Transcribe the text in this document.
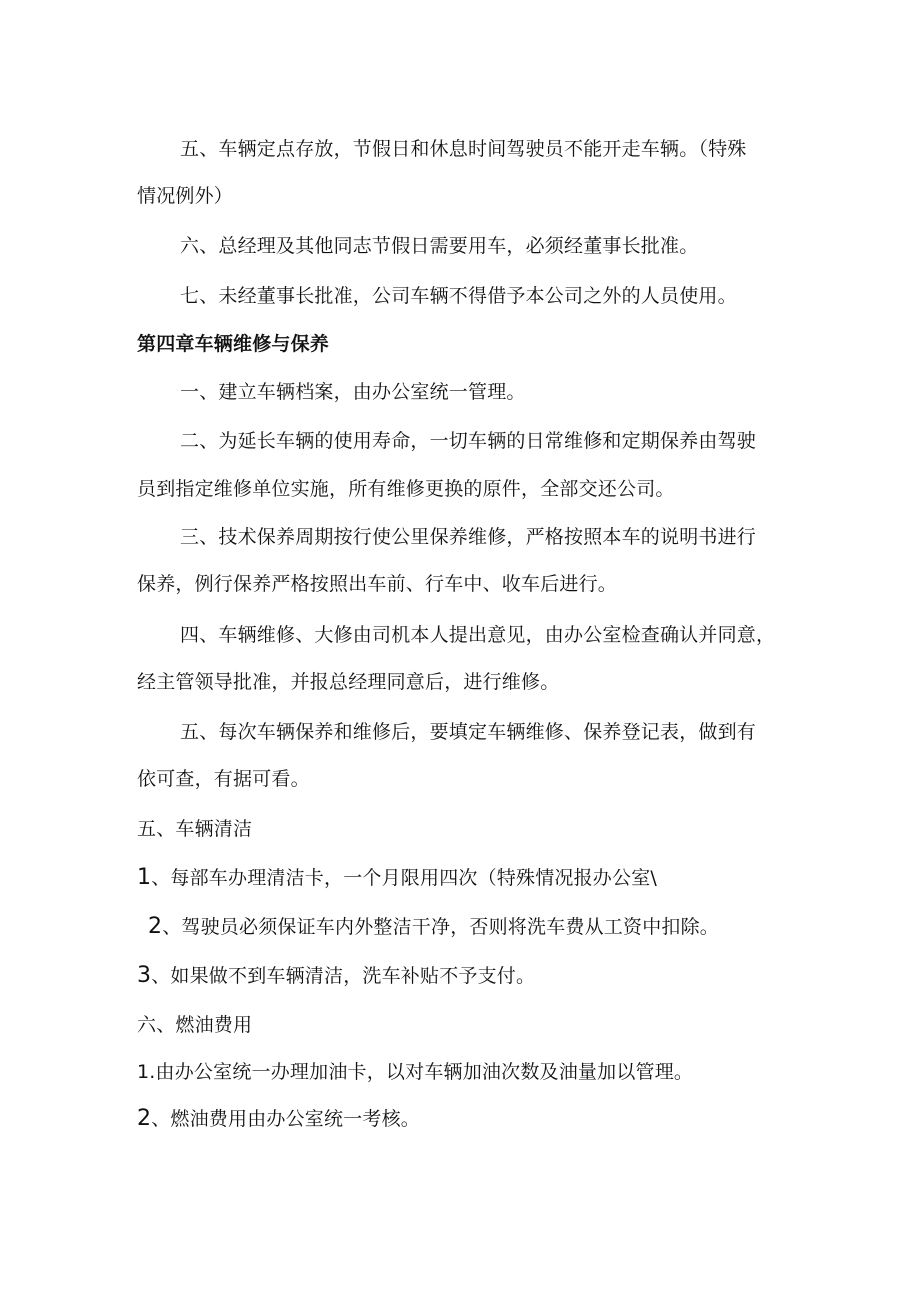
五、车辆定点存放，节假日和休息时间驾驶员不能开走车辆。（特殊
情况例外）
六、总经理及其他同志节假日需要用车，必须经董事长批准。
七、未经董事长批准，公司车辆不得借予本公司之外的人员使用。
第四章车辆维修与保养
一、建立车辆档案，由办公室统一管理。
二、为延长车辆的使用寿命，一切车辆的日常维修和定期保养由驾驶
员到指定维修单位实施，所有维修更换的原件，全部交还公司。
三、技术保养周期按行使公里保养维修，严格按照本车的说明书进行
保养，例行保养严格按照出车前、行车中、收车后进行。
四、车辆维修、大修由司机本人提出意见，由办公室检查确认并同意，
经主管领导批准，并报总经理同意后，进行维修。
五、每次车辆保养和维修后，要填定车辆维修、保养登记表，做到有
依可查，有据可看。
五、车辆清洁
1、每部车办理清洁卡，一个月限用四次（特殊情况报办公室\
2、驾驶员必须保证车内外整洁干净，否则将洗车费从工资中扣除。
3、如果做不到车辆清洁，洗车补贴不予支付。
六、燃油费用
1.由办公室统一办理加油卡，以对车辆加油次数及油量加以管理。
2、燃油费用由办公室统一考核。
